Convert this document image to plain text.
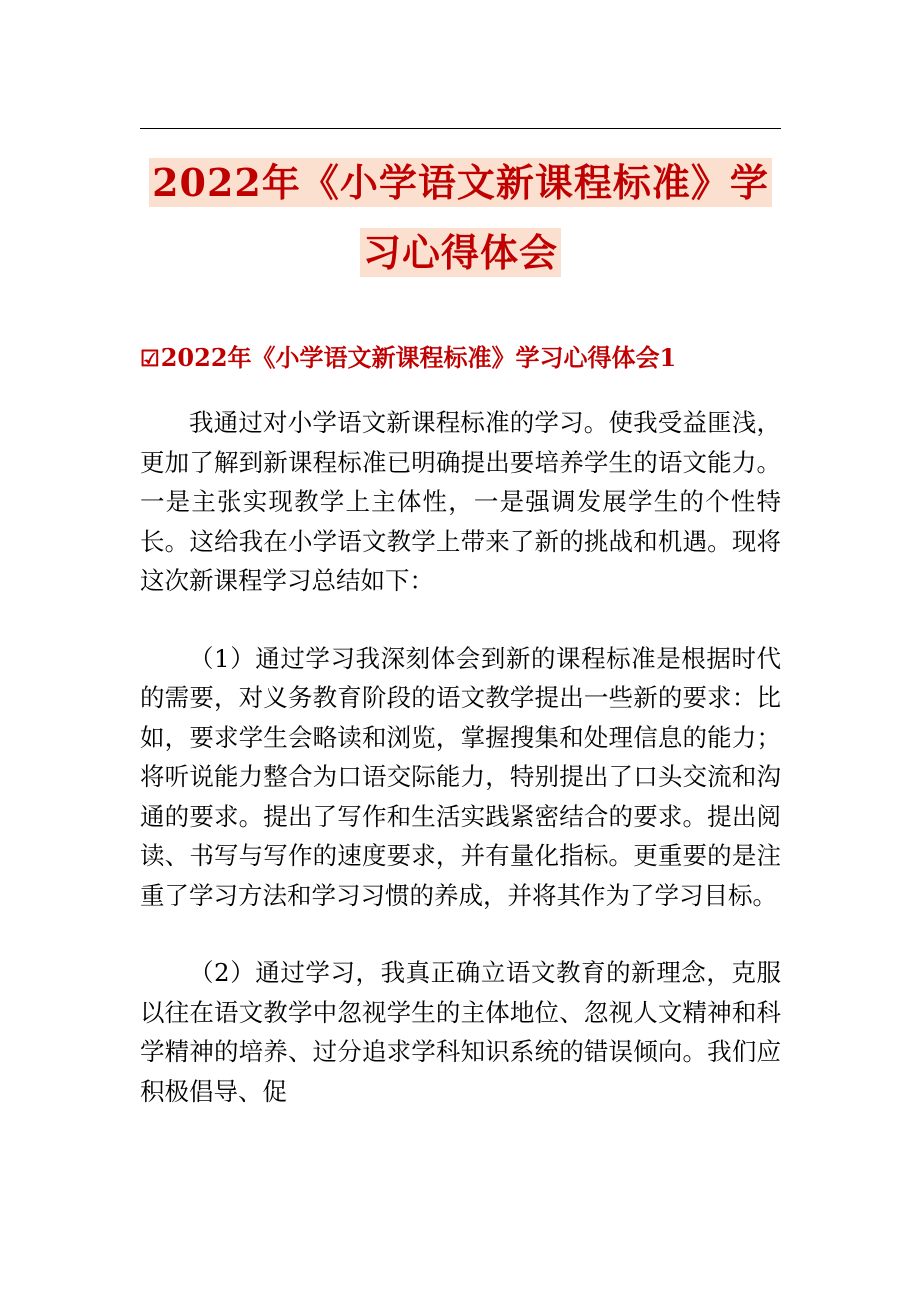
2022年《小学语文新课程标准》学习心得体会
☑2022年《小学语文新课程标准》学习心得体会1

我通过对小学语文新课程标准的学习。使我受益匪浅，更加了解到新课程标准已明确提出要培养学生的语文能力。一是主张实现教学上主体性，一是强调发展学生的个性特长。这给我在小学语文教学上带来了新的挑战和机遇。现将这次新课程学习总结如下：

（1）通过学习我深刻体会到新的课程标准是根据时代的需要，对义务教育阶段的语文教学提出一些新的要求：比如，要求学生会略读和浏览，掌握搜集和处理信息的能力；将听说能力整合为口语交际能力，特别提出了口头交流和沟通的要求。提出了写作和生活实践紧密结合的要求。提出阅读、书写与写作的速度要求，并有量化指标。更重要的是注重了学习方法和学习习惯的养成，并将其作为了学习目标。

（2）通过学习，我真正确立语文教育的新理念，克服以往在语文教学中忽视学生的主体地位、忽视人文精神和科学精神的培养、过分追求学科知识系统的错误倾向。我们应积极倡导、促
